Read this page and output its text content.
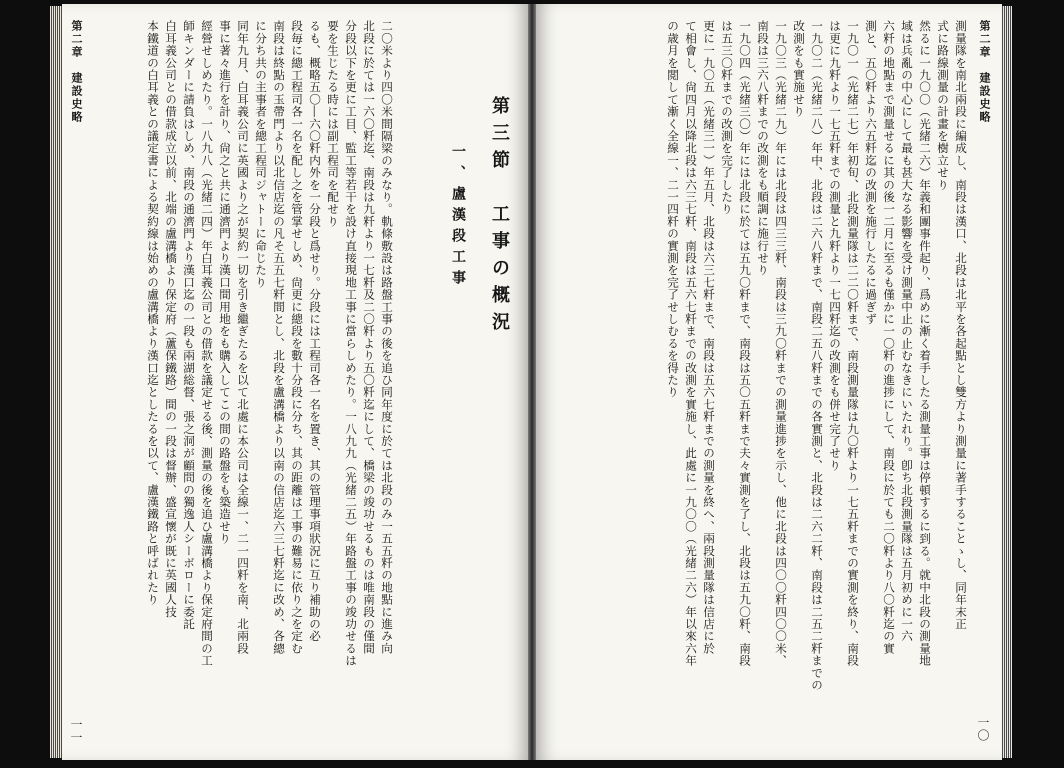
本鐵道の白耳義との議定書による契約線は始めの盧溝橋より漢口迄としたるを以て、盧漢鐵路と呼ばれたり 白耳義公司との借款成立以前、北端の盧溝橋より保定府（蘆保鐵路）間の一段は督辦、盛宣懷が既に英國人技 師キンダーに請負はしめ、南段の通濟門より漢口迄の一段も兩湖総督、張之洞が顧問の獨逸人シーボローに委託 經營せしめたり。一八九八（光緒二四）年白耳義公司との借款を議定せる後、測量の後を追ひ盧溝橋より保定府間の工 事に著々進行を計り、尙之と共に通濟門より漢口間用地をも購入してこの間の路盤をも築造せり 同年九月、白耳義公司に英國より之が契約一切を引き繼ぎたるを以て北處に本公司は全線一、二一四粁を南、北兩段 に分ち共の主事者を總工程司ジャトーに命じたり 南段は終點の玉帶門より以北信店迄の凡そ五五七粁間とし、北段を盧溝橋より以南の信店迄六三七粁迄に改め、各總 段毎に總工程司各一名を配し之を管掌せしめ、尙更に總段を數十分段に分ち、其の距離は工事の難易に依り之を定む るも、概略五〇―六〇粁内外を一分段と爲せり。分段には工程司各一名を置き、其の管理事項狀況に互り補助の必 要を生じたる時には副工程司を配せり 分段以下を更に工目、監工等若干を設け直接現地工事に當らしめたり。一八九九（光緒二五）年路盤工事の竣功せるは 北段に於ては一六〇粁迄、南段は九粁より一七粁及二〇粁より五〇粁迄にして、橋梁の竣功せるものは唯南段の僅間 二〇米より四〇米間隔梁のみなり。軌條敷設は路盤工事の後を追ひ同年度に於ては北段のみ一五五粁の地點に進み向	一、盧漢段工事 第三節　工事の概況
第二章　建設史略
一一
第二章　建設史略
一〇
測量隊を南北兩段に編成し、南段は漢口、北段は北平を各起點とし雙方より測量に著手することゝし、同年末正
式に路線測量の計畫を樹立せり
然るに一九〇〇（光緒二六）年義和團事件起り、爲めに漸く着手したる測量工事は停頓するに到る。就中北段の測量地
域は兵亂の中心にして最も甚大なる影響を受け測量中止の止むなきにいたれり。卽ち北段測量隊は五月初めに一六
六粁の地點まで測量せるに其の後一二月に至るも僅かに一〇粁の進捗にして、南段に於ても二〇粁より八〇粁迄の實
測と、五〇粁より六五粁迄の改測を施行したるに過ぎず
一九〇一（光緒二七）年初旬、北段測量隊は二二〇粁まで、南段測量隊は九〇粁より一七五粁までの實測を終り、南段
は更に九粁より一七五粁までの測量と九粁より一七四粁迄の改測をも併せ完了せり
一九〇二（光緒二八）年中、北段は二六八粁まで、南段二五八粁までの各實測と、北段は二六二粁、南段は二五二粁までの
改測をも實施せり
一九〇三（光緒二九）年には北段は四三三粁、南段は三九〇粁までの測量進捗を示し、他に北段は四〇〇粁四〇〇米、
南段は三六八粁までの改測をも順調に施行せり
一九〇四（光緒三〇）年には北段に於ては五九〇粁まで、南段は五〇五粁まで夫々實測を了し、北段は五九〇粁、南段
は五三〇粁までの改測を完了したり
更に一九〇五（光緒三一）年五月、北段は六三七粁まで、南段は五六七粁までの測量を終へ、兩段測量隊は信店に於
て相會し、尙四月以降北段は六三七粁、南段は五六七粁までの改測を實施し、此處に一九〇〇（光緒二六）年以來六年
の歳月を閲して漸く全線一、二一四粁の實測を完了せしむるを得たり
